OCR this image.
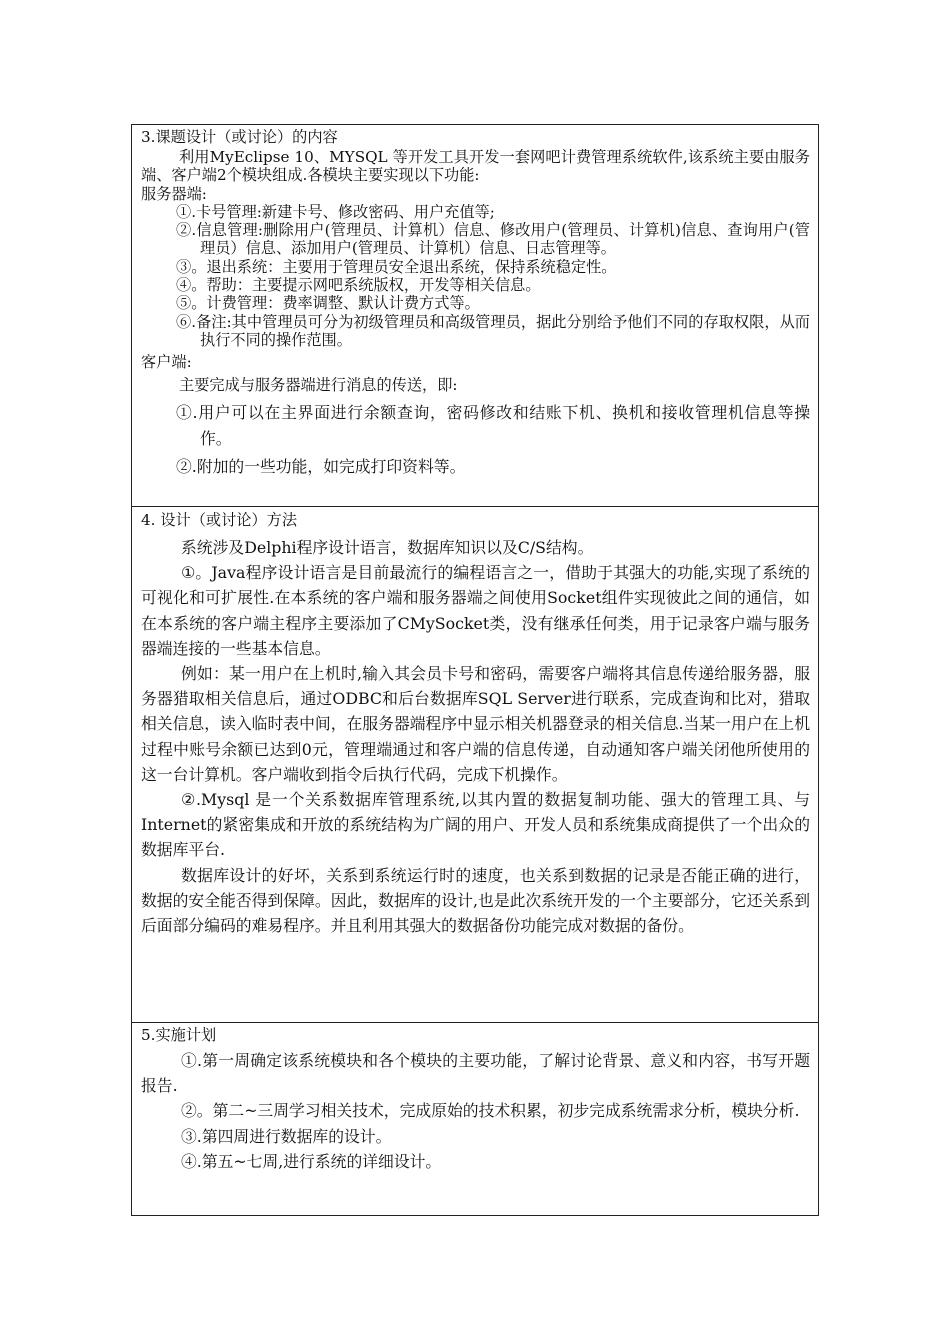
3.课题设计（或讨论）的内容

利用MyEclipse 10、MYSQL 等开发工具开发一套网吧计费管理系统软件,该系统主要由服务端、客户端2个模块组成.各模块主要实现以下功能:

服务器端:

①.卡号管理:新建卡号、修改密码、用户充值等;

②.信息管理:删除用户(管理员、计算机）信息、修改用户(管理员、计算机)信息、查询用户(管理员）信息、添加用户(管理员、计算机）信息、日志管理等。

③。退出系统：主要用于管理员安全退出系统，保持系统稳定性。

④。帮助：主要提示网吧系统版权，开发等相关信息。

⑤。计费管理：费率调整、默认计费方式等。

⑥.备注:其中管理员可分为初级管理员和高级管理员，据此分别给予他们不同的存取权限，从而执行不同的操作范围。

客户端:

主要完成与服务器端进行消息的传送，即:

①.用户可以在主界面进行余额查询，密码修改和结账下机、换机和接收管理机信息等操作。

②.附加的一些功能，如完成打印资料等。

4. 设计（或讨论）方法

系统涉及Delphi程序设计语言，数据库知识以及C/S结构。

①。Java程序设计语言是目前最流行的编程语言之一，借助于其强大的功能,实现了系统的可视化和可扩展性.在本系统的客户端和服务器端之间使用Socket组件实现彼此之间的通信，如在本系统的客户端主程序主要添加了CMySocket类，没有继承任何类，用于记录客户端与服务器端连接的一些基本信息。

例如：某一用户在上机时,输入其会员卡号和密码，需要客户端将其信息传递给服务器，服务器猎取相关信息后，通过ODBC和后台数据库SQL Server进行联系，完成查询和比对，猎取相关信息，读入临时表中间，在服务器端程序中显示相关机器登录的相关信息.当某一用户在上机过程中账号余额已达到0元，管理端通过和客户端的信息传递，自动通知客户端关闭他所使用的这一台计算机。客户端收到指令后执行代码，完成下机操作。

②.Mysql 是一个关系数据库管理系统,以其内置的数据复制功能、强大的管理工具、与Internet的紧密集成和开放的系统结构为广阔的用户、开发人员和系统集成商提供了一个出众的数据库平台.

数据库设计的好坏，关系到系统运行时的速度，也关系到数据的记录是否能正确的进行，数据的安全能否得到保障。因此，数据库的设计,也是此次系统开发的一个主要部分，它还关系到后面部分编码的难易程序。并且利用其强大的数据备份功能完成对数据的备份。

5.实施计划

①.第一周确定该系统模块和各个模块的主要功能，了解讨论背景、意义和内容，书写开题报告.

②。第二~三周学习相关技术，完成原始的技术积累，初步完成系统需求分析，模块分析.

③.第四周进行数据库的设计。

④.第五~七周,进行系统的详细设计。
